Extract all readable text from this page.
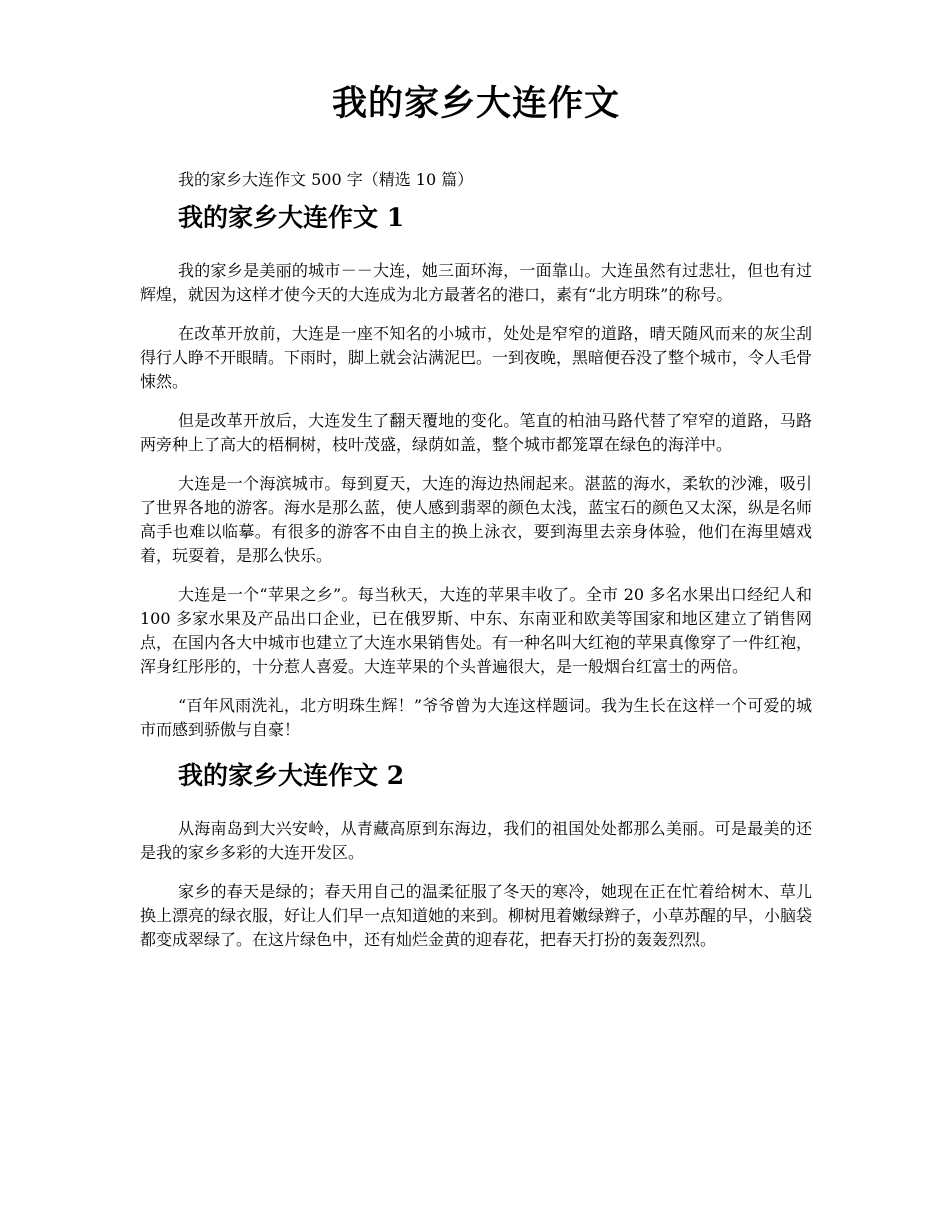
我的家乡大连作文

我的家乡大连作文 500 字（精选 10 篇）

我的家乡大连作文 1

我的家乡是美丽的城市－－大连，她三面环海，一面靠山。大连虽然有过悲壮，但也有过辉煌，就因为这样才使今天的大连成为北方最著名的港口，素有“北方明珠”的称号。

在改革开放前，大连是一座不知名的小城市，处处是窄窄的道路，晴天随风而来的灰尘刮得行人睁不开眼睛。下雨时，脚上就会沾满泥巴。一到夜晚，黑暗便吞没了整个城市，令人毛骨悚然。

但是改革开放后，大连发生了翻天覆地的变化。笔直的柏油马路代替了窄窄的道路，马路两旁种上了高大的梧桐树，枝叶茂盛，绿荫如盖，整个城市都笼罩在绿色的海洋中。

大连是一个海滨城市。每到夏天，大连的海边热闹起来。湛蓝的海水，柔软的沙滩，吸引了世界各地的游客。海水是那么蓝，使人感到翡翠的颜色太浅，蓝宝石的颜色又太深，纵是名师高手也难以临摹。有很多的游客不由自主的换上泳衣，要到海里去亲身体验，他们在海里嬉戏着，玩耍着，是那么快乐。

大连是一个“苹果之乡”。每当秋天，大连的苹果丰收了。全市 20 多名水果出口经纪人和 100 多家水果及产品出口企业，已在俄罗斯、中东、东南亚和欧美等国家和地区建立了销售网点，在国内各大中城市也建立了大连水果销售处。有一种名叫大红袍的苹果真像穿了一件红袍，浑身红彤彤的，十分惹人喜爱。大连苹果的个头普遍很大，是一般烟台红富士的两倍。

“百年风雨洗礼，北方明珠生辉！”爷爷曾为大连这样题词。我为生长在这样一个可爱的城市而感到骄傲与自豪！

我的家乡大连作文 2

从海南岛到大兴安岭，从青藏高原到东海边，我们的祖国处处都那么美丽。可是最美的还是我的家乡多彩的大连开发区。

家乡的春天是绿的；春天用自己的温柔征服了冬天的寒冷，她现在正在忙着给树木、草儿换上漂亮的绿衣服，好让人们早一点知道她的来到。柳树甩着嫩绿辫子，小草苏醒的早，小脑袋都变成翠绿了。在这片绿色中，还有灿烂金黄的迎春花，把春天打扮的轰轰烈烈。
